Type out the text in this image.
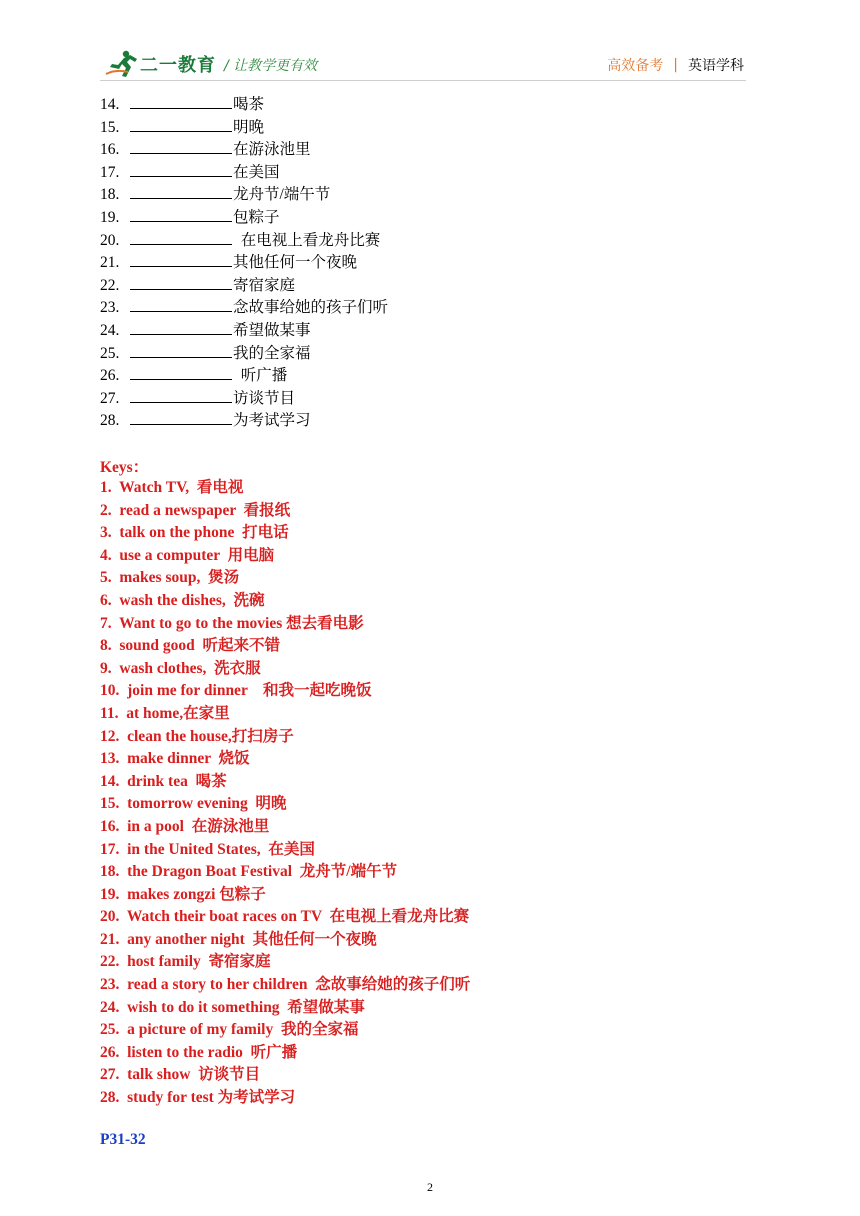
二一教育 / 让教学更有效	高效备考 | 英语学科
14.	喝茶
15.	明晚
16.	在游泳池里
17.	在美国
18.	龙舟节/端午节
19.	包粽子
20.	在电视上看龙舟比赛
21.	其他任何一个夜晚
22.	寄宿家庭
23.	念故事给她的孩子们听
24.	希望做某事
25.	我的全家福
26.	听广播
27.	访谈节目
28.	为考试学习
Keys：
1.  Watch TV,  看电视
2.  read a newspaper  看报纸
3.  talk on the phone  打电话
4.  use a computer  用电脑
5.  makes soup,  煲汤
6.  wash the dishes,  洗碗
7.  Want to go to the movies 想去看电影
8.  sound good  听起来不错
9.  wash clothes,  洗衣服
10.  join me for dinner    和我一起吃晚饭
11.  at home,在家里
12.  clean the house,打扫房子
13.  make dinner  烧饭
14.  drink tea  喝茶
15.  tomorrow evening  明晚
16.  in a pool  在游泳池里
17.  in the United States,  在美国
18.  the Dragon Boat Festival  龙舟节/端午节
19.  makes zongzi 包粽子
20.  Watch their boat races on TV  在电视上看龙舟比赛
21.  any another night  其他任何一个夜晚
22.  host family  寄宿家庭
23.  read a story to her children  念故事给她的孩子们听
24.  wish to do it something  希望做某事
25.  a picture of my family  我的全家福
26.  listen to the radio  听广播
27.  talk show  访谈节目
28.  study for test 为考试学习
P31-32
2
